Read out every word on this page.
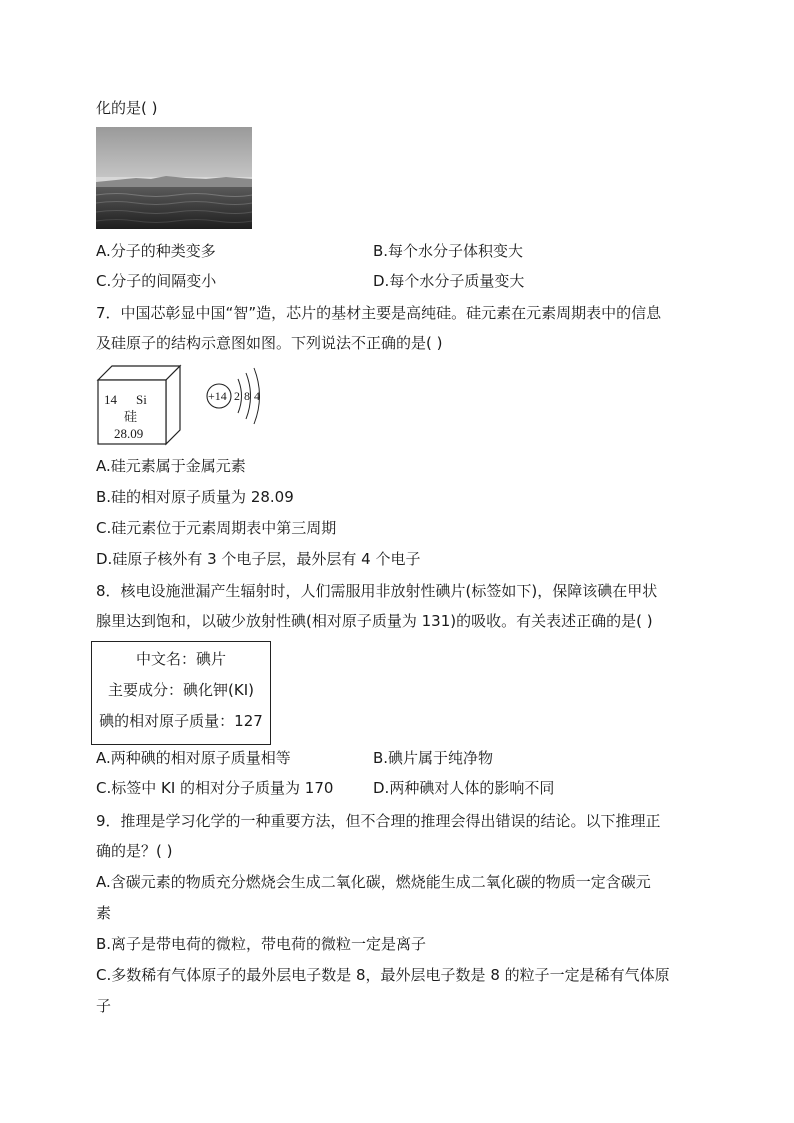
化的是( )
A.分子的种类变多	B.每个水分子体积变大
C.分子的间隔变小	D.每个水分子质量变大
7．中国芯彰显中国“智”造，芯片的基材主要是高纯硅。硅元素在元素周期表中的信息
及硅原子的结构示意图如图。下列说法不正确的是( )
14 Si
硅
28.09
+14 2 8 4
A.硅元素属于金属元素
B.硅的相对原子质量为 28.09
C.硅元素位于元素周期表中第三周期
D.硅原子核外有 3 个电子层，最外层有 4 个电子
8．核电设施泄漏产生辐射时，人们需服用非放射性碘片(标签如下)，保障该碘在甲状
腺里达到饱和，以破少放射性碘(相对原子质量为 131)的吸收。有关表述正确的是( )
中文名：碘片
主要成分：碘化钾(KI)
碘的相对原子质量：127
A.两种碘的相对原子质量相等	B.碘片属于纯净物
C.标签中 KI 的相对分子质量为 170	D.两种碘对人体的影响不同
9．推理是学习化学的一种重要方法，但不合理的推理会得出错误的结论。以下推理正
确的是？( )
A.含碳元素的物质充分燃烧会生成二氧化碳，燃烧能生成二氧化碳的物质一定含碳元
素
B.离子是带电荷的微粒，带电荷的微粒一定是离子
C.多数稀有气体原子的最外层电子数是 8，最外层电子数是 8 的粒子一定是稀有气体原
子
